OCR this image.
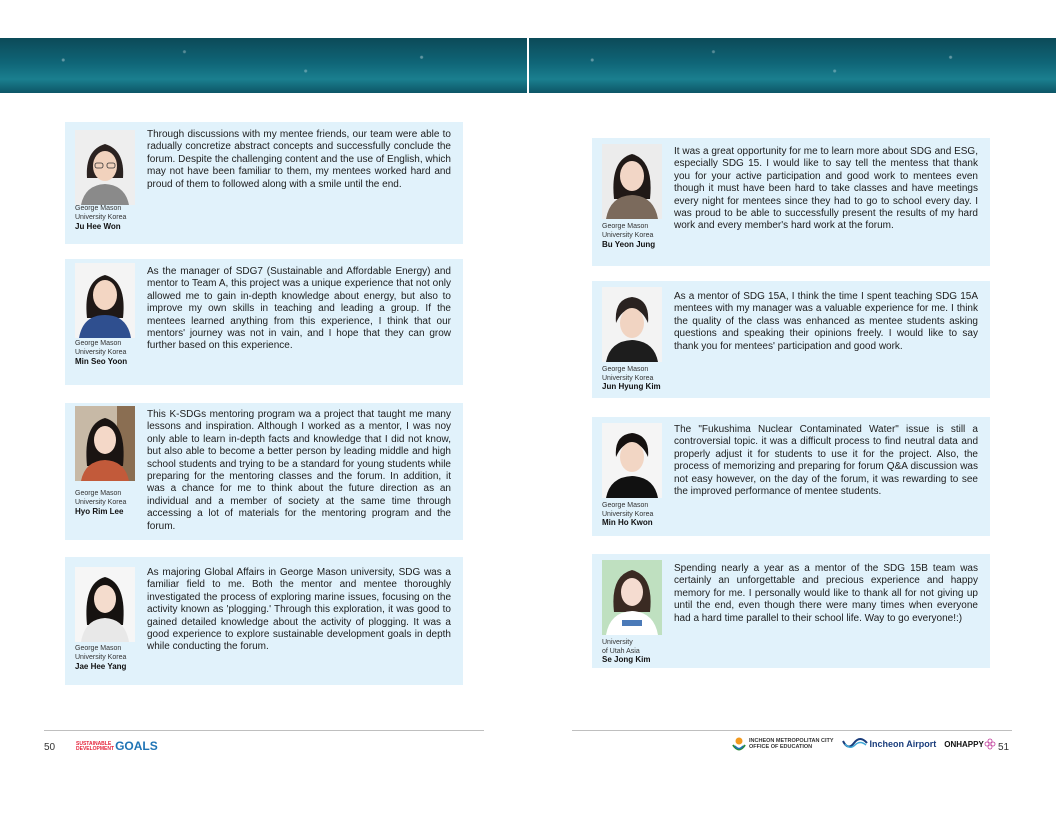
George Mason
University Korea
Ju Hee Won
Through discussions with my mentee friends, our team were able to radually concretize abstract concepts and successfully conclude the forum. Despite the challenging content and the use of English, which may not have been familiar to them, my mentees worked hard and proud of them to followed along with a smile until the end.
George Mason
University Korea
Min Seo Yoon
As the manager of SDG7 (Sustainable and Affordable Energy) and mentor to Team A, this project was a unique experience that not only allowed me to gain in-depth knowledge about energy, but also to improve my own skills in teaching and leading a group. If the mentees learned anything from this experience, I think that our mentors' journey was not in vain, and I hope that they can grow further based on this experience.
George Mason
University Korea
Hyo Rim Lee
This K-SDGs mentoring program wa a project that taught me many lessons and inspiration. Although I worked as a mentor, I was noy only able to learn in-depth facts and knowledge that I did not know, but also able to become a better person by leading middle and high school students and trying to be a standard for young students while preparing for the mentoring classes and the forum. In addition, it was a chance for me to think about the future direction as an individual and a member of society at the same time through accessing a lot of materials for the mentoring program and the forum.
George Mason
University Korea
Jae Hee Yang
As majoring Global Affairs in George Mason university, SDG was a familiar field to me. Both the mentor and mentee thoroughly investigated the process of exploring marine issues, focusing on the activity known as 'plogging.' Through this exploration, it was good to gained detailed knowledge about the activity of plogging. It was a good experience to explore sustainable development goals in depth while conducting the forum.
George Mason
University Korea
Bu Yeon Jung
It was a great opportunity for me to learn more about SDG and ESG, especially SDG 15. I would like to say tell the mentess that thank you for your active participation and good work to mentees even though it must have been hard to take classes and have meetings every night for mentees since they had to go to school every day. I was proud to be able to successfully present the results of my hard work and every member's hard work at the forum.
George Mason
University Korea
Jun Hyung Kim
As a mentor of SDG 15A, I think the time I spent teaching SDG 15A mentees with my manager was a valuable experience for me. I think the quality of the class was enhanced as mentee students asking questions and speaking their opinions freely. I would like to say thank you for mentees' participation and good work.
George Mason
University Korea
Min Ho Kwon
The "Fukushima Nuclear Contaminated Water" issue is still a controversial topic. it was a difficult process to find neutral data and properly adjust it for students to use it for the project. Also, the process of memorizing and preparing for forum Q&A discussion was not easy however, on the day of the forum, it was rewarding to see the improved performance of mentee students.
University
of Utah Asia
Se Jong Kim
Spending nearly a year as a mentor of the SDG 15B team was certainly an unforgettable and precious experience and happy memory for me. I personally would like to thank all for not giving up until the end, even though there were many times when everyone had a hard time parallel to their school life. Way to go everyone!:)
50	SUSTAINABLE
DEVELOPMENT GOALS	INCHEON METROPOLITAN CITY
OFFICE OF EDUCATION	Incheon Airport ONHAPPY 51
